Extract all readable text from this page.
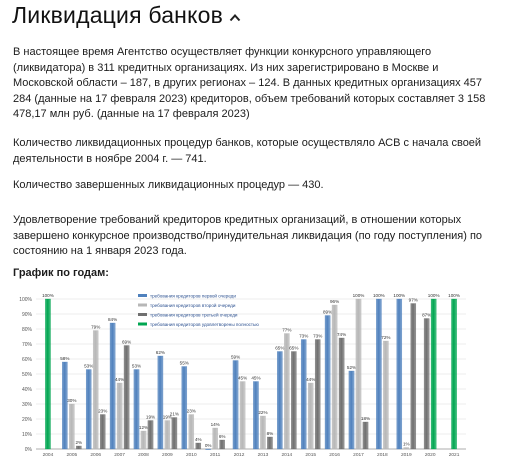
Ликвидация банков

В настоящее время Агентство осуществляет функции конкурсного управляющего (ликвидатора) в 311 кредитных организациях. Из них зарегистрировано в Москве и Московской области – 187, в других регионах – 124. В данных кредитных организациях 457 284 (данные на 17 февраля 2023) кредиторов, объем требований которых составляет 3 158 478,17 млн руб. (данные на 17 февраля 2023)

Количество ликвидационных процедур банков, которые осуществляло АСВ с начала своей деятельности в ноябре 2004 г. — 741.

Количество завершенных ликвидационных процедур — 430.

Удовлетворение требований кредиторов кредитных организаций, в отношении которых завершено конкурсное производство/принудительная ликвидация (по году поступления) по состоянию на 1 января 2023 года.

График по годам:

0%
10%
20%
30%
40%
50%
60%
70%
80%
90%
100%
100%
2004
58%
30%
2%
2005
53%
79%
23%
2006
84%
44%
69%
2007
53%
12%
19%
2008
62%
19%
21%
2009
55%
23%
4%
2010
0%
14%
6%
2011
59%
45%
2012
45%
22%
8%
2013
65%
77%
65%
2014
73%
44%
73%
2015
89%
96%
74%
2016
52%
100%
18%
2017
100%
72%
2018
100%
1%
97%
2019
87%
100%
2020
100%
2021
требования кредиторов первой очереди
требования кредиторов второй очереди
требования кредиторов третьей очереди
требования кредиторов удовлетворены полностью
